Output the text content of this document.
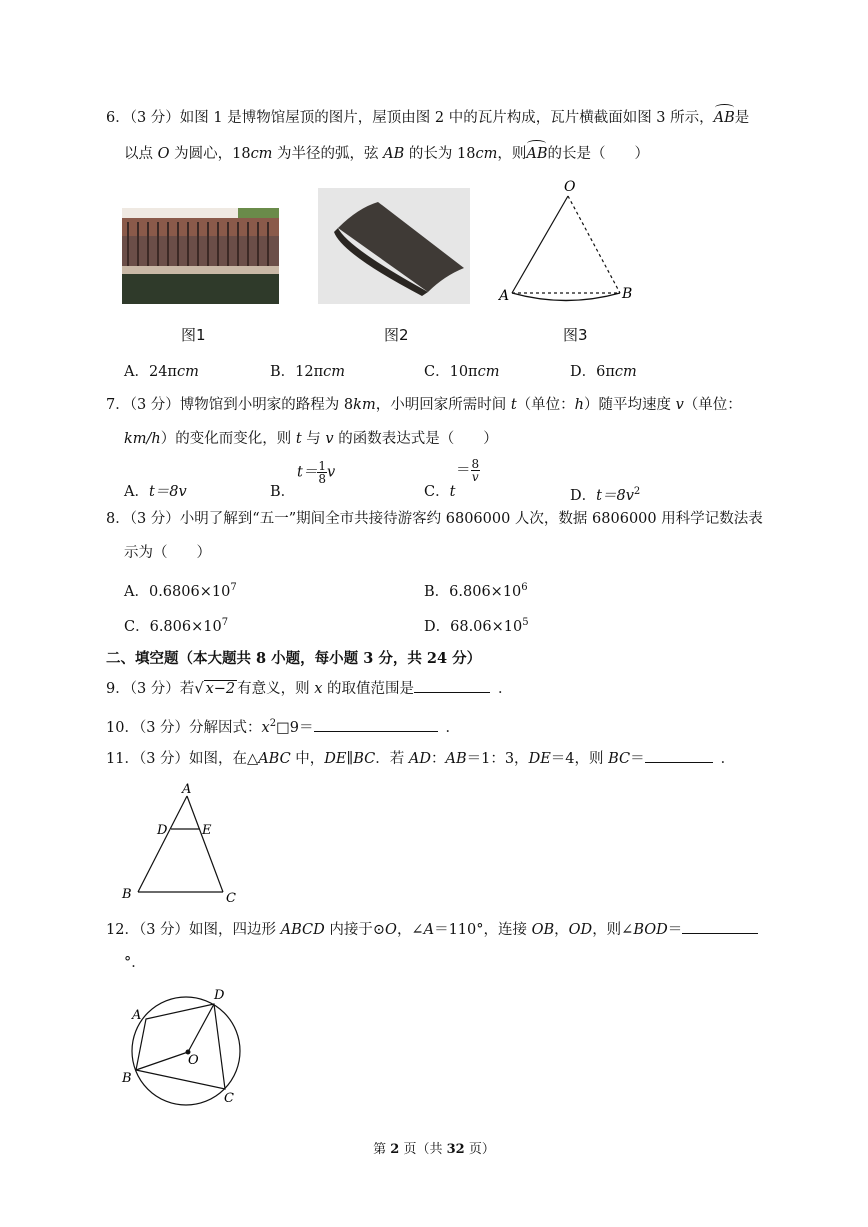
6．（3 分）如图 1 是博物馆屋顶的图片，屋顶由图 2 中的瓦片构成，瓦片横截面如图 3 所示，AB是
以点 O 为圆心，18cm 为半径的弧，弦 AB 的长为 18cm，则AB的长是（　　）
图1	图2
O
A	B
图3
A．24πcm	B．12πcm	C．10πcm	D．6πcm
7．（3 分）博物馆到小明家的路程为 8km，小明回家所需时间 t（单位：h）随平均速度 v（单位：
km/h）的变化而变化，则 t 与 v 的函数表达式是（　　）
A．t＝8v	B．
$t= \frac{1}{8}$ v
C．t
＝ $\frac{8}{v}$
D．$t=8v^2$
8．（3 分）小明了解到“五一”期间全市共接待游客约 6806000 人次，数据 6806000 用科学记数法表
示为（　　）
A．$0.6806\times 10^7$	B．$6.806\times 10^6$
C．$6.806\times 10^7$	D．$68.06\times 10^5$
二、填空题（本大题共 8 小题，每小题 3 分，共 24 分）
9．（3 分）若√ x−2 有意义，则 x 的取值范围是	．
10．（3 分）分解因式：$x^2□9=$	．
11．（3 分）如图，在△ABC 中，DE∥BC．若 AD：AB＝1：3，DE＝4，则 BC＝	．
A
D	E
B	C
12．（3 分）如图，四边形 ABCD 内接于⊙O，∠A＝110°，连接 OB，OD，则∠BOD＝
°．
A
D
B
C
O
第 2 页（共 32 页）
